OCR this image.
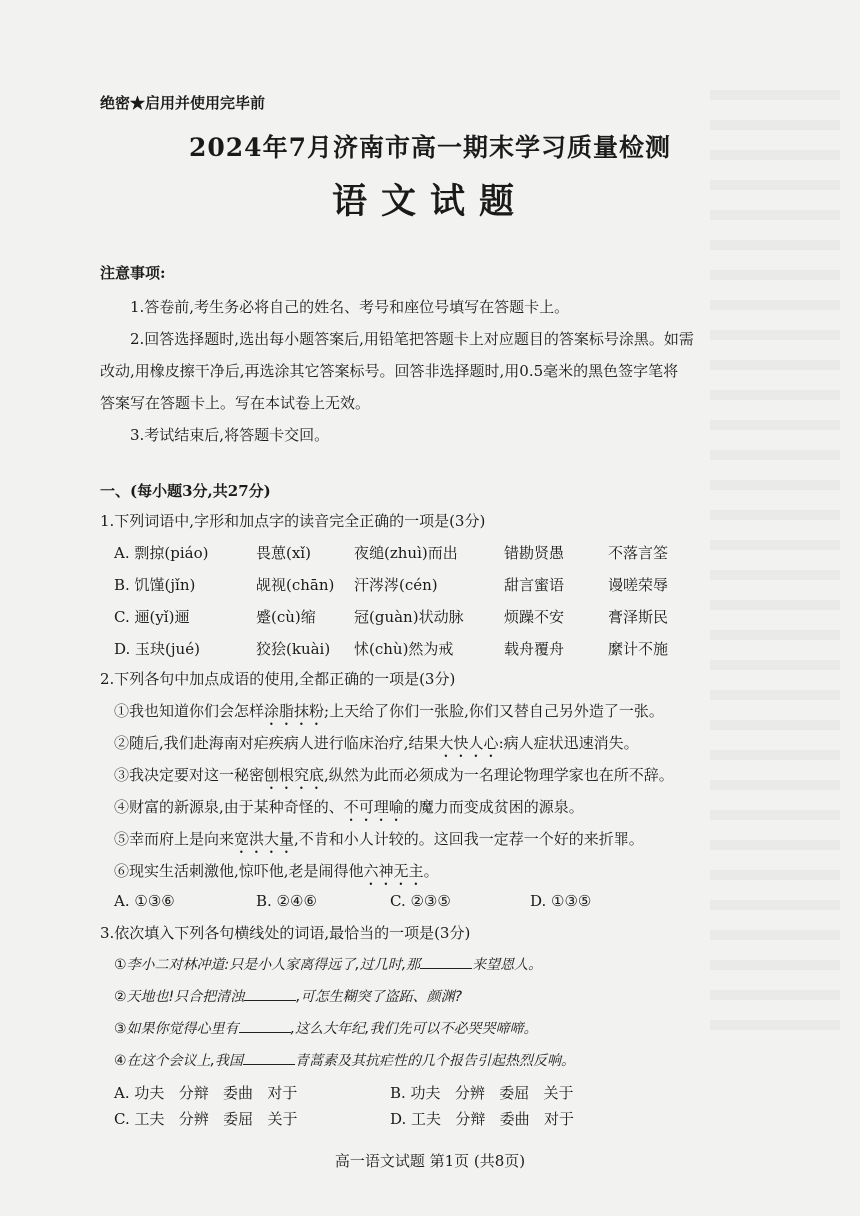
绝密★启用并使用完毕前
2024年7月济南市高一期末学习质量检测
语文试题
注意事项:
1.答卷前,考生务必将自己的姓名、考号和座位号填写在答题卡上。
2.回答选择题时,选出每小题答案后,用铅笔把答题卡上对应题目的答案标号涂黑。如需
改动,用橡皮擦干净后,再选涂其它答案标号。回答非选择题时,用0.5毫米的黑色签字笔将
答案写在答题卡上。写在本试卷上无效。
3.考试结束后,将答题卡交回。
一、(每小题3分,共27分)
1.下列词语中,字形和加点字的读音完全正确的一项是(3分)
A. 剽掠(piáo)	畏葸(xǐ)	夜缒(zhuì)而出	错勘贤愚	不落言筌
B. 饥馑(jǐn)	觇视(chān) 汗涔涔(cén)	甜言蜜语	谩嗟荣辱
C. 逦(yǐ)逦	蹙(cù)缩	冠(guàn)状动脉	烦躁不安	膏泽斯民
D. 玉玦(jué)	狡狯(kuài) 怵(chù)然为戒	载舟覆舟	縻计不施
2.下列各句中加点成语的使用,全都正确的一项是(3分)
①我也知道你们会怎样涂脂抹粉;上天给了你们一张脸,你们又替自己另外造了一张。
②随后,我们赴海南对疟疾病人进行临床治疗,结果大快人心:病人症状迅速消失。
③我决定要对这一秘密刨根究底,纵然为此而必须成为一名理论物理学家也在所不辞。
④财富的新源泉,由于某种奇怪的、不可理喻的魔力而变成贫困的源泉。
⑤幸而府上是向来宽洪大量,不肯和小人计较的。这回我一定荐一个好的来折罪。
⑥现实生活刺激他,惊吓他,老是闹得他六神无主。
A. ①③⑥	B. ②④⑥	C. ②③⑤	D. ①③⑤
3.依次填入下列各句横线处的词语,最恰当的一项是(3分)
①李小二对林冲道:只是小人家离得远了,过几时,那	来望恩人。
②天地也!只合把清浊	,可怎生糊突了盗跖、颜渊?
③如果你觉得心里有	,这么大年纪,我们先可以不必哭哭啼啼。
④在这个会议上,我国	青蒿素及其抗疟性的几个报告引起热烈反响。
A. 功夫 分辩 委曲 对于	B. 功夫 分辨 委屈 关于
C. 工夫 分辨 委屈 关于	D. 工夫 分辩 委曲 对于
高一语文试题 第1页 (共8页)
